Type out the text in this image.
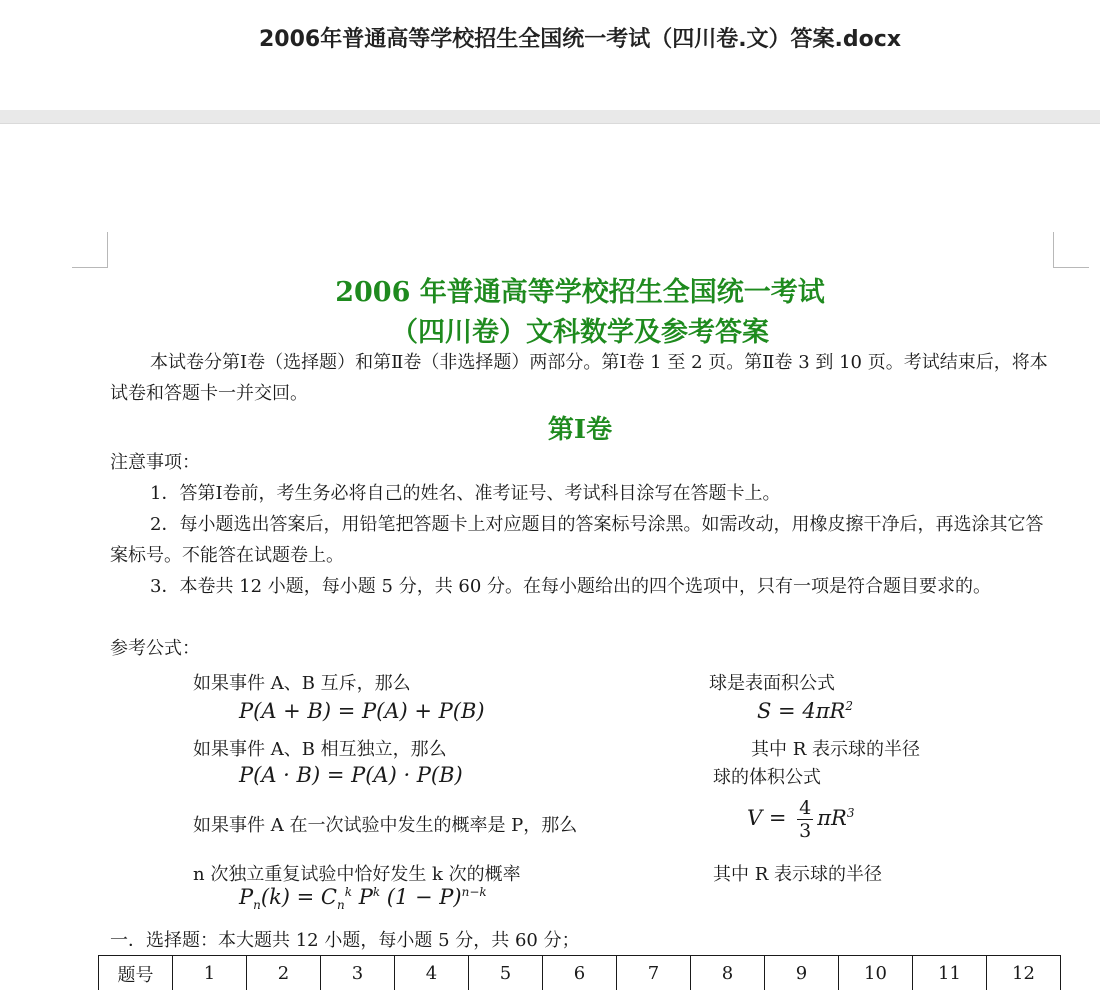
2006年普通高等学校招生全国统一考试（四川卷.文）答案.docx
2006 年普通高等学校招生全国统一考试
（四川卷）文科数学及参考答案
本试卷分第Ⅰ卷（选择题）和第Ⅱ卷（非选择题）两部分。第Ⅰ卷 1 至 2 页。第Ⅱ卷 3 到 10 页。考试结束后，将本试卷和答题卡一并交回。
第Ⅰ卷
注意事项：
1．答第Ⅰ卷前，考生务必将自己的姓名、准考证号、考试科目涂写在答题卡上。
2．每小题选出答案后，用铅笔把答题卡上对应题目的答案标号涂黑。如需改动，用橡皮擦干净后，再选涂其它答案标号。不能答在试题卷上。
3．本卷共 12 小题，每小题 5 分，共 60 分。在每小题给出的四个选项中，只有一项是符合题目要求的。
参考公式：
如果事件 A、B 互斥，那么
P(A + B) = P(A) + P(B)
如果事件 A、B 相互独立，那么
P(A · B) = P(A) · P(B)
如果事件 A 在一次试验中发生的概率是 P，那么
n 次独立重复试验中恰好发生 k 次的概率
$P_n(k) = C_n^k$ $P^k$ $(1 - P)^{n-k}$
球是表面积公式
$S = 4\pi R^2$
其中 R 表示球的半径
球的体积公式
$V = \frac{4}{3} \pi R^3$
其中 R 表示球的半径
一．选择题：本大题共 12 小题，每小题 5 分，共 60 分；
题号	1	2	3	4	5	6	7	8	9	10	11	12
